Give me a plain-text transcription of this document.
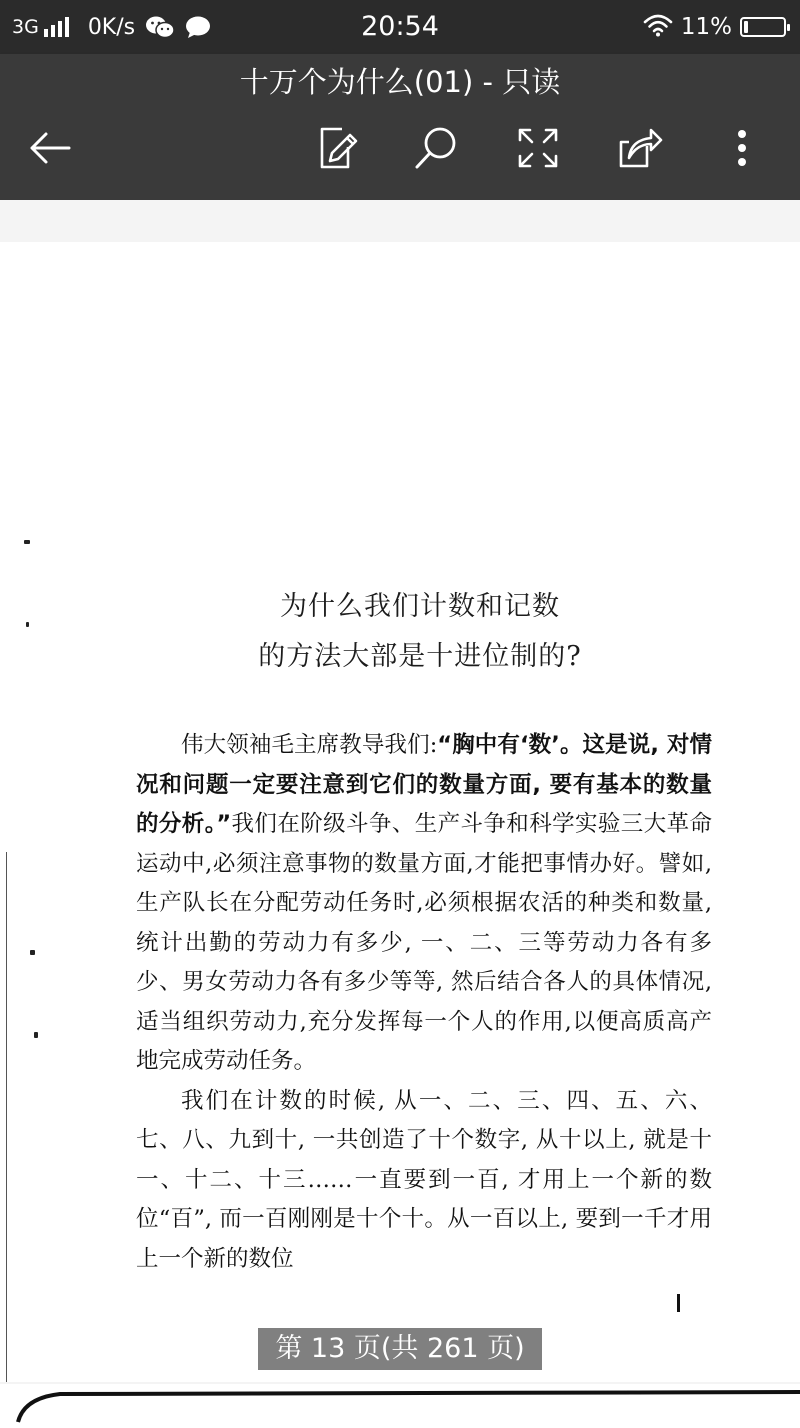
3G 0K/s	20:54	11%
十万个为什么(01) - 只读
为什么我们计数和记数
的方法大部是十进位制的?

伟大领袖毛主席教导我们:“胸中有‘数’。这是说, 对情况和问题一定要注意到它们的数量方面, 要有基本的数量的分析。”我们在阶级斗争、生产斗争和科学实验三大革命运动中,必须注意事物的数量方面,才能把事情办好。譬如,生产队长在分配劳动任务时,必须根据农活的种类和数量, 统计出勤的劳动力有多少, 一、二、三等劳动力各有多少、男女劳动力各有多少等等, 然后结合各人的具体情况,适当组织劳动力,充分发挥每一个人的作用,以便高质高产地完成劳动任务。

我们在计数的时候, 从一、二、三、四、五、六、七、八、九到十, 一共创造了十个数字, 从十以上, 就是十一、十二、十三……一直要到一百, 才用上一个新的数位“百”, 而一百刚刚是十个十。从一百以上, 要到一千才用上一个新的数位

第 13 页(共 261 页)
